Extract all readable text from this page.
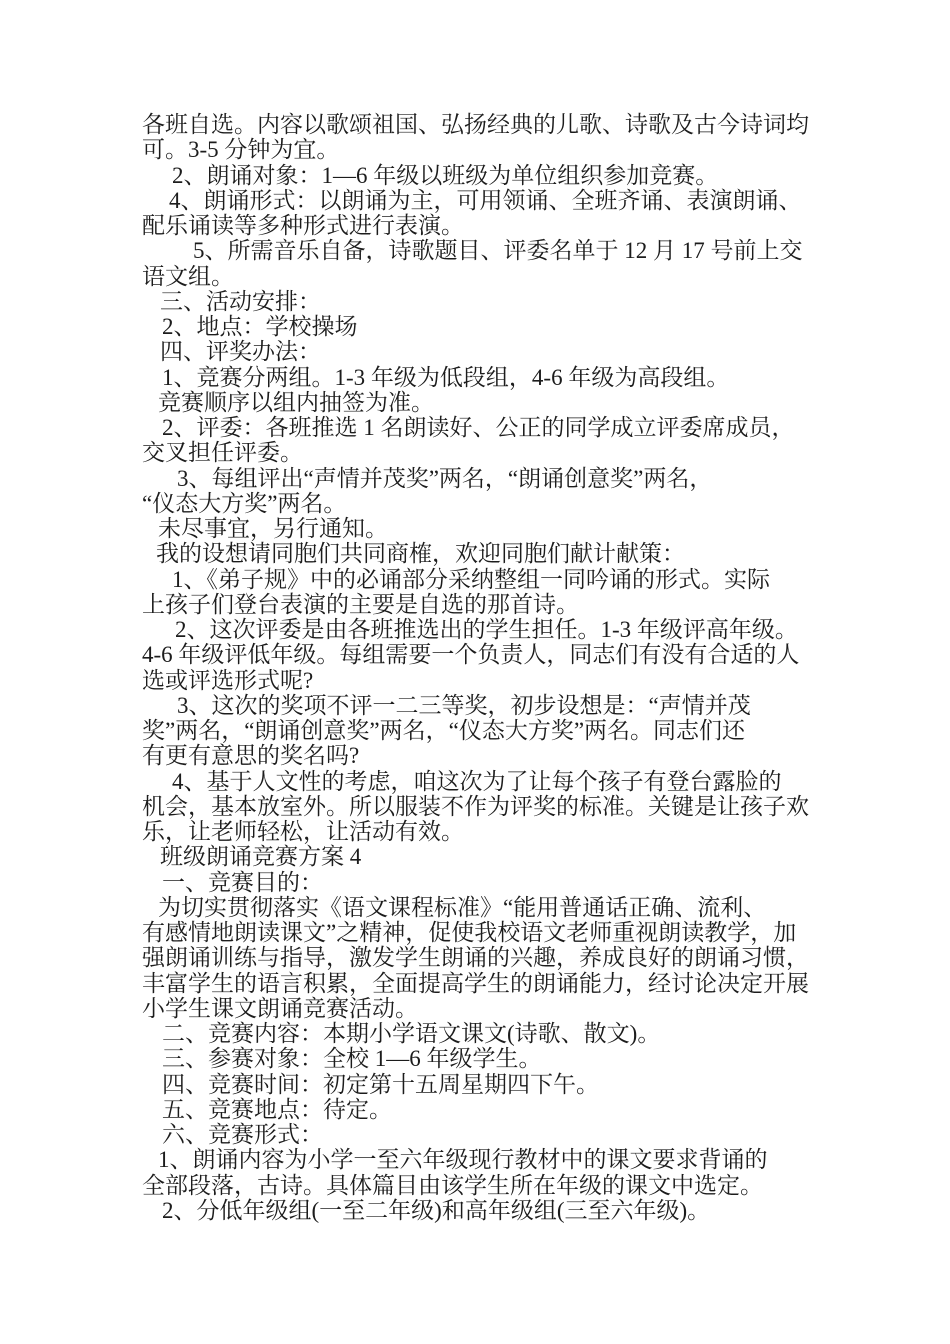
各班自选。内容以歌颂祖国、弘扬经典的儿歌、诗歌及古今诗词均
可。3-5 分钟为宜。
2、朗诵对象：1—6 年级以班级为单位组织参加竞赛。
4、朗诵形式：以朗诵为主，可用领诵、全班齐诵、表演朗诵、
配乐诵读等多种形式进行表演。
5、所需音乐自备，诗歌题目、评委名单于 12 月 17 号前上交
语文组。
三、活动安排：
2、地点：学校操场
四、评奖办法：
1、竞赛分两组。1-3 年级为低段组，4-6 年级为高段组。
竞赛顺序以组内抽签为准。
2、评委：各班推选 1 名朗读好、公正的同学成立评委席成员，
交叉担任评委。
3、每组评出“声情并茂奖”两名，“朗诵创意奖”两名，
“仪态大方奖”两名。
未尽事宜，另行通知。
我的设想请同胞们共同商榷，欢迎同胞们献计献策：
1、《弟子规》中的必诵部分采纳整组一同吟诵的形式。实际
上孩子们登台表演的主要是自选的那首诗。
2、这次评委是由各班推选出的学生担任。1-3 年级评高年级。
4-6 年级评低年级。每组需要一个负责人，同志们有没有合适的人
选或评选形式呢?
3、这次的奖项不评一二三等奖，初步设想是：“声情并茂
奖”两名，“朗诵创意奖”两名，“仪态大方奖”两名。同志们还
有更有意思的奖名吗?
4、基于人文性的考虑，咱这次为了让每个孩子有登台露脸的
机会，基本放室外。所以服装不作为评奖的标准。关键是让孩子欢
乐，让老师轻松，让活动有效。
班级朗诵竞赛方案 4
一、竞赛目的：
为切实贯彻落实《语文课程标准》“能用普通话正确、流利、
有感情地朗读课文”之精神，促使我校语文老师重视朗读教学，加
强朗诵训练与指导，激发学生朗诵的兴趣，养成良好的朗诵习惯，
丰富学生的语言积累，全面提高学生的朗诵能力，经讨论决定开展
小学生课文朗诵竞赛活动。
二、竞赛内容：本期小学语文课文(诗歌、散文)。
三、参赛对象：全校 1—6 年级学生。
四、竞赛时间：初定第十五周星期四下午。
五、竞赛地点：待定。
六、竞赛形式：
1、朗诵内容为小学一至六年级现行教材中的课文要求背诵的
全部段落，古诗。具体篇目由该学生所在年级的课文中选定。
2、分低年级组(一至二年级)和高年级组(三至六年级)。
